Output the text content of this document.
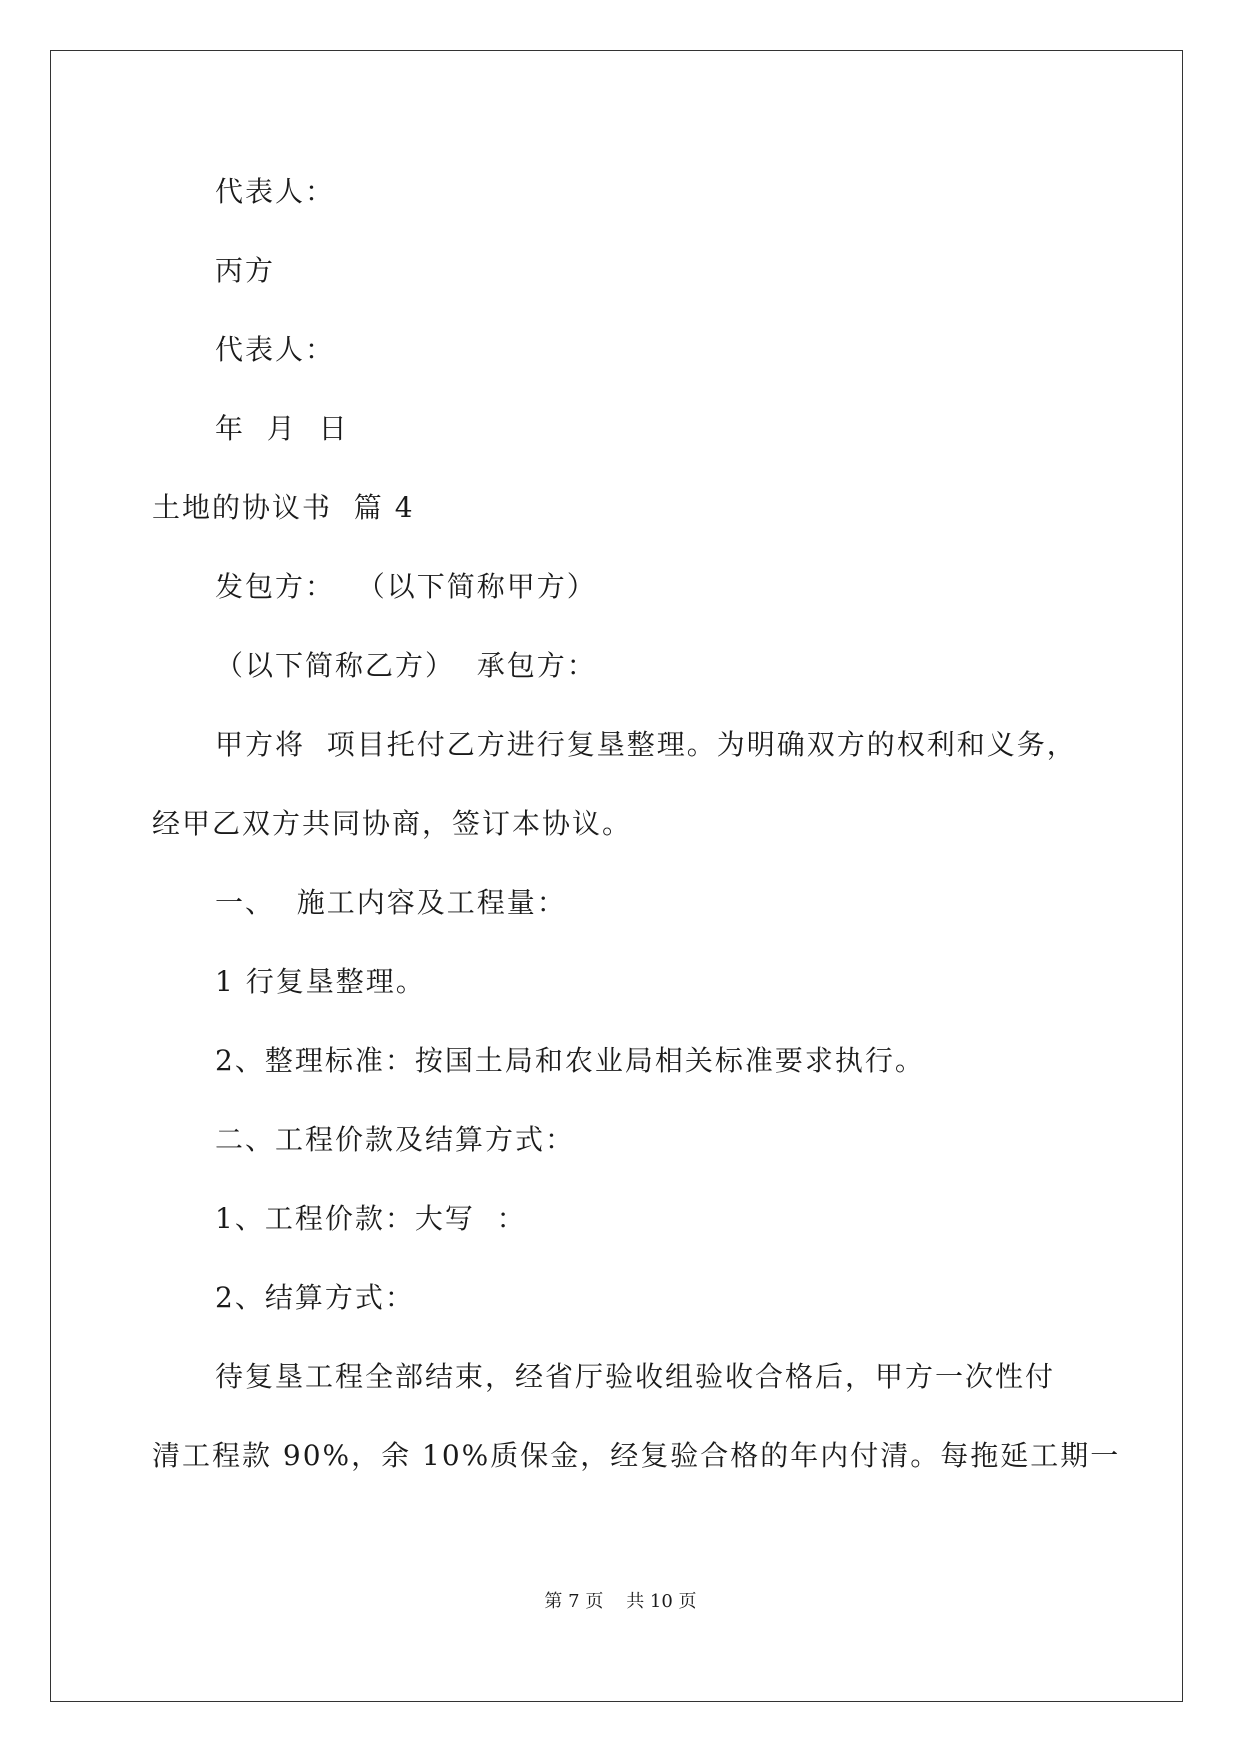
代表人：
丙方
代表人：
年  月  日
土地的协议书  篇 4
发包方：  （以下简称甲方）
（以下简称乙方）  承包方：
甲方将  项目托付乙方进行复垦整理。为明确双方的权利和义务，
经甲乙双方共同协商，签订本协议。
一、  施工内容及工程量：
1 行复垦整理。
2、整理标准：按国土局和农业局相关标准要求执行。
二、工程价款及结算方式：
1、工程价款：大写  ：
2、结算方式：
待复垦工程全部结束，经省厅验收组验收合格后，甲方一次性付
清工程款 90%，余 10%质保金，经复验合格的年内付清。每拖延工期一
第 7 页    共 10 页
